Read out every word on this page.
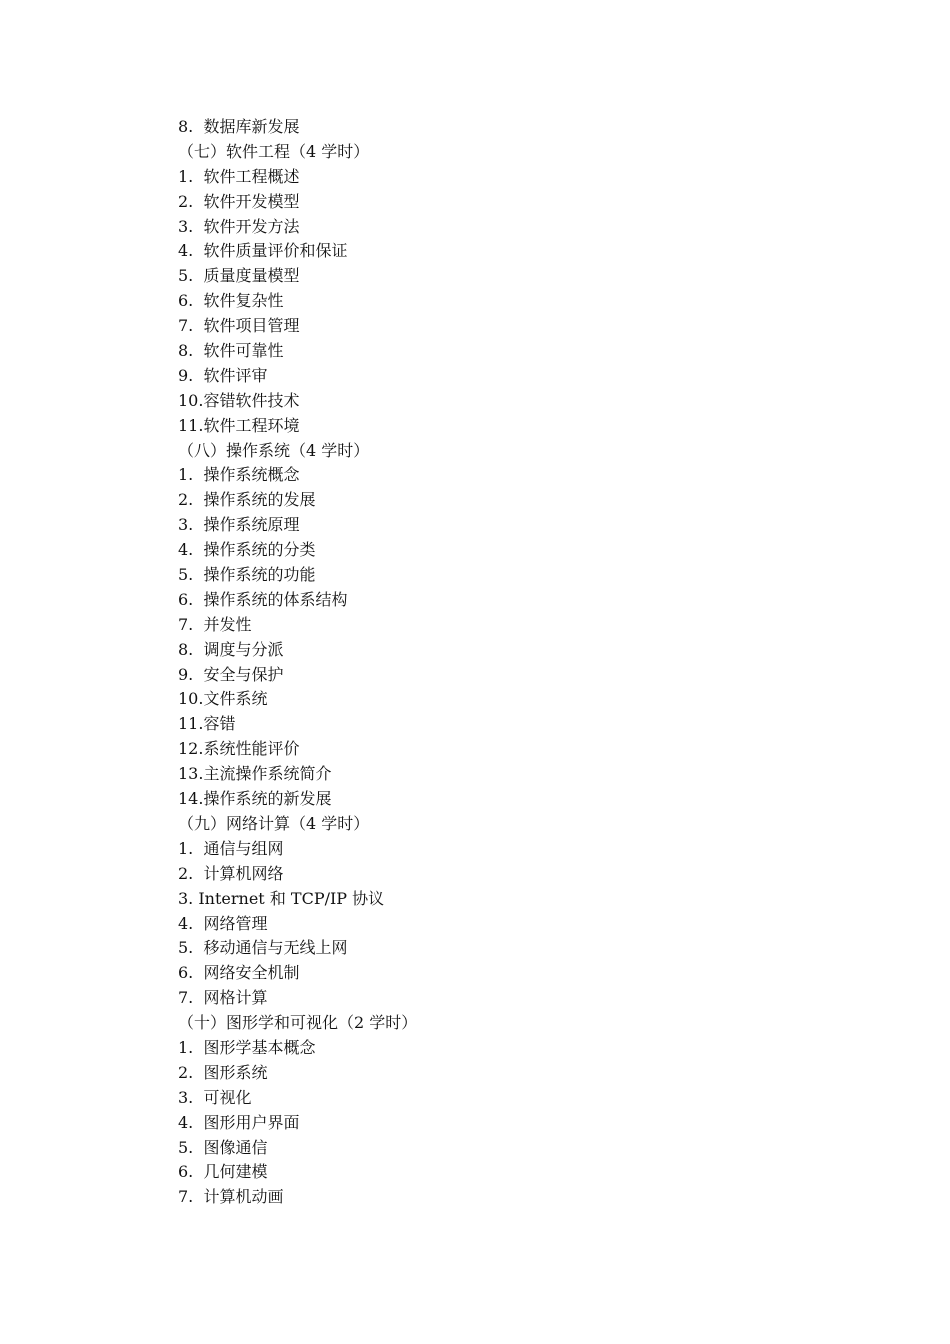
8.  数据库新发展
（七）软件工程（4 学时）
1.  软件工程概述
2.  软件开发模型
3.  软件开发方法
4.  软件质量评价和保证
5.  质量度量模型
6.  软件复杂性
7.  软件项目管理
8.  软件可靠性
9.  软件评审
10.容错软件技术
11.软件工程环境
（八）操作系统（4 学时）
1.  操作系统概念
2.  操作系统的发展
3.  操作系统原理
4.  操作系统的分类
5.  操作系统的功能
6.  操作系统的体系结构
7.  并发性
8.  调度与分派
9.  安全与保护
10.文件系统
11.容错
12.系统性能评价
13.主流操作系统简介
14.操作系统的新发展
（九）网络计算（4 学时）
1.  通信与组网
2.  计算机网络
3. Internet 和 TCP/IP 协议
4.  网络管理
5.  移动通信与无线上网
6.  网络安全机制
7.  网格计算
（十）图形学和可视化（2 学时）
1.  图形学基本概念
2.  图形系统
3.  可视化
4.  图形用户界面
5.  图像通信
6.  几何建模
7.  计算机动画
